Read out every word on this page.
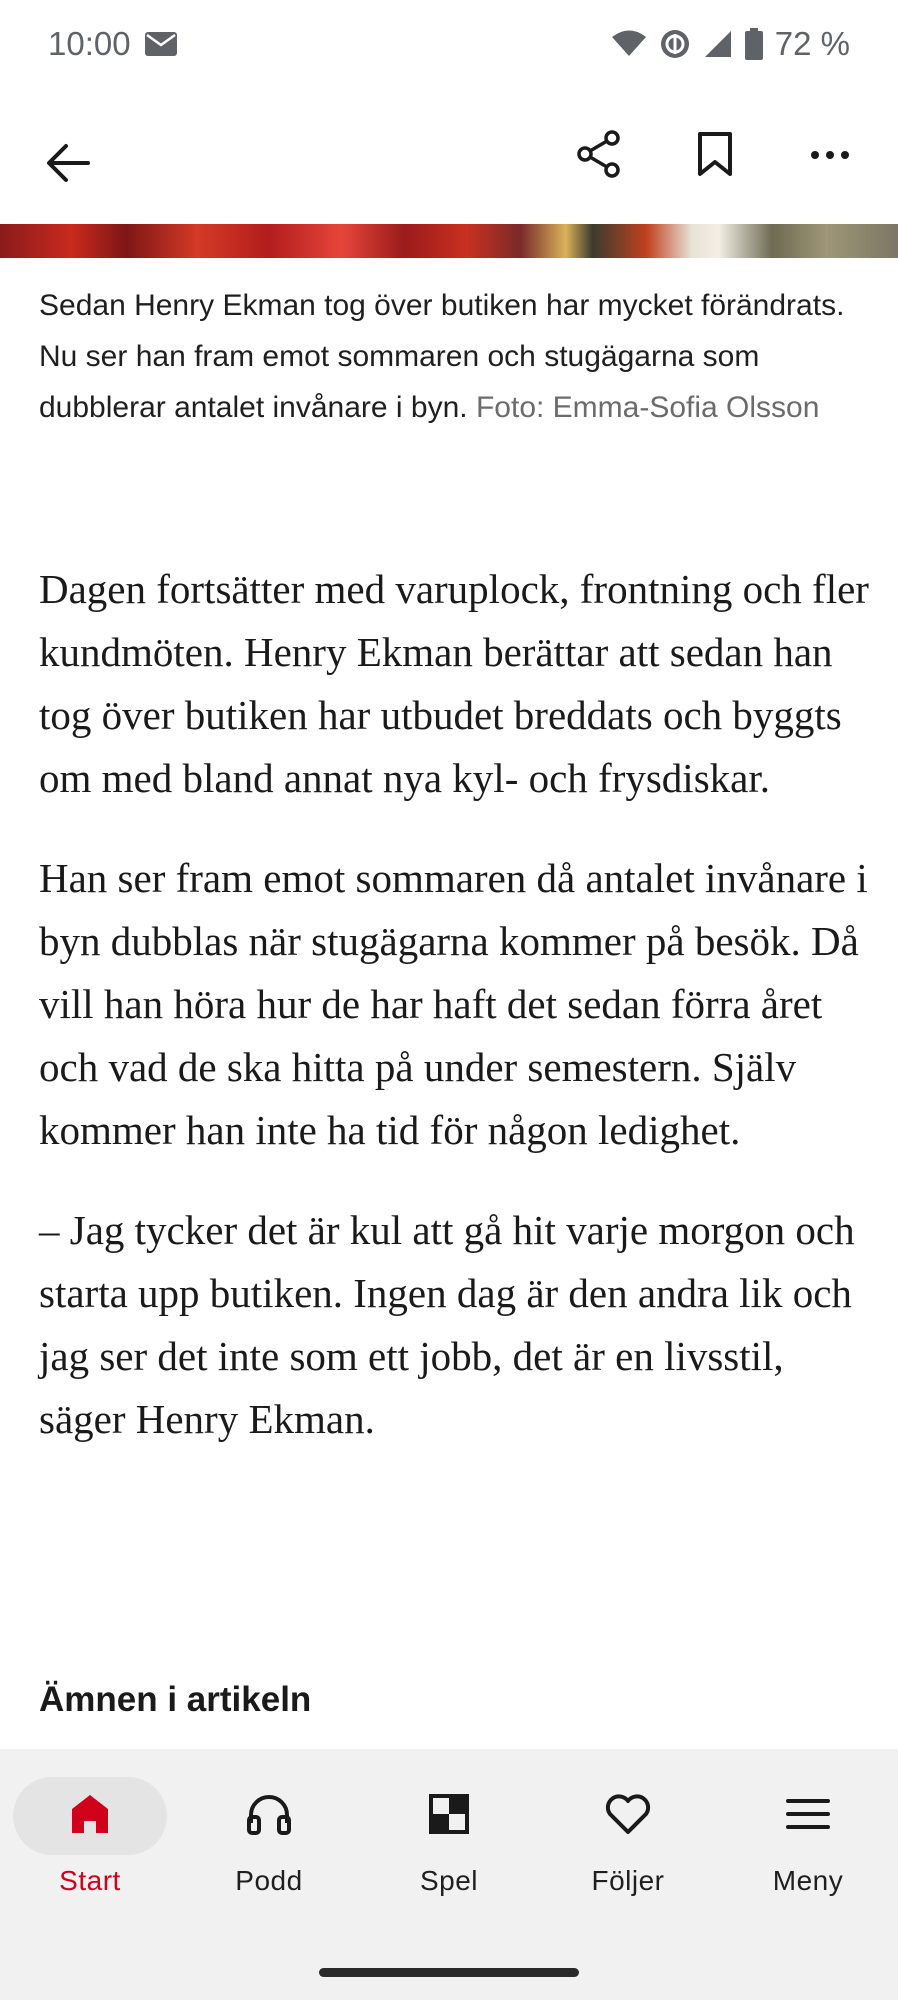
10:00	72 %
Sedan Henry Ekman tog över butiken har mycket förändrats. Nu ser han fram emot sommaren och stugägarna som dubblerar antalet invånare i byn. Foto: Emma-Sofia Olsson

Dagen fortsätter med varuplock, frontning och fler kundmöten. Henry Ekman berättar att sedan han tog över butiken har utbudet breddats och byggts om med bland annat nya kyl- och frysdiskar.

Han ser fram emot sommaren då antalet invånare i byn dubblas när stugägarna kommer på besök. Då vill han höra hur de har haft det sedan förra året och vad de ska hitta på under semestern. Själv kommer han inte ha tid för någon ledighet.

– Jag tycker det är kul att gå hit varje morgon och starta upp butiken. Ingen dag är den andra lik och jag ser det inte som ett jobb, det är en livsstil, säger Henry Ekman.

Ämnen i artikeln
Start	Podd	Spel	Följer	Meny
